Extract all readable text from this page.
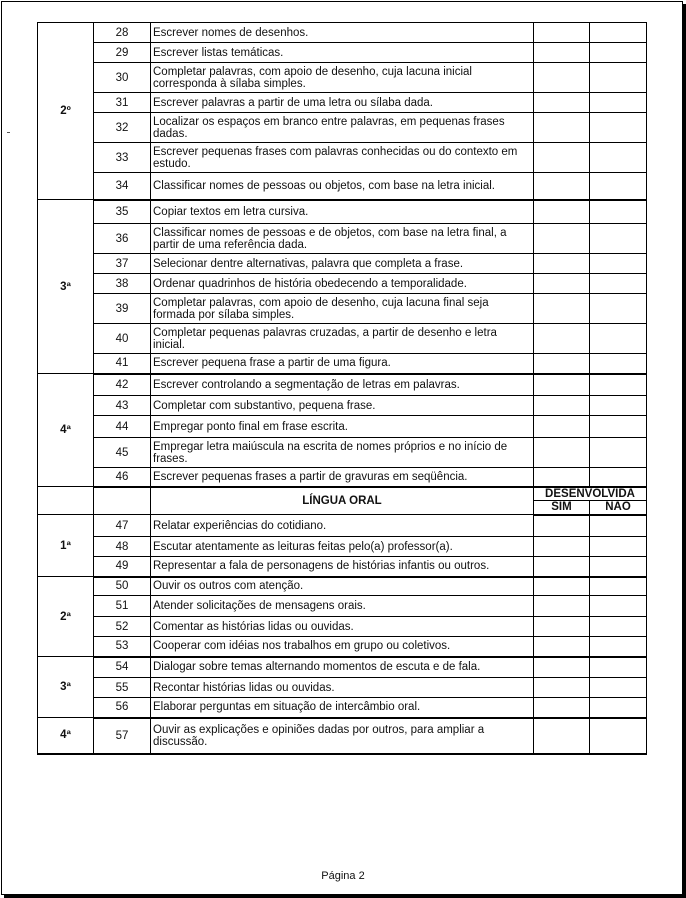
2º	28	Escrever nomes de desenhos.		
	29	Escrever listas temáticas.		
	30	Completar palavras, com apoio de desenho, cuja lacuna inicial corresponda à sílaba simples.		
	31	Escrever palavras a partir de uma letra ou sílaba dada.		
	32	Localizar os espaços em branco entre palavras, em pequenas frases dadas.		
	33	Escrever pequenas frases com palavras conhecidas ou do contexto em estudo.		
	34	Classificar nomes de pessoas ou objetos, com base na letra inicial.		
3ª	35	Copiar textos em letra cursiva.		
	36	Classificar nomes de pessoas e de objetos, com base na letra final, a partir de uma referência dada.		
	37	Selecionar dentre alternativas, palavra que completa a frase.		
	38	Ordenar quadrinhos de história obedecendo a temporalidade.		
	39	Completar palavras, com apoio de desenho, cuja lacuna final seja formada por sílaba simples.		
	40	Completar pequenas palavras cruzadas, a partir de desenho e letra inicial.		
	41	Escrever pequena frase a partir de uma figura.		
4ª	42	Escrever controlando a segmentação de letras em palavras.		
	43	Completar com substantivo, pequena frase.		
	44	Empregar ponto final em frase escrita.		
	45	Empregar letra maiúscula na escrita de nomes próprios e no início de frases.		
	46	Escrever pequenas frases a partir de gravuras em seqüência.		
		LÍNGUA ORAL	DESENVOLVIDA	
			SIM	NÃO
1ª	47	Relatar experiências do cotidiano.		
	48	Escutar atentamente as leituras feitas pelo(a) professor(a).		
	49	Representar a fala de personagens de histórias infantis ou outros.		
2ª	50	Ouvir os outros com atenção.		
	51	Atender solicitações de mensagens orais.		
	52	Comentar as histórias lidas ou ouvidas.		
	53	Cooperar com idéias nos trabalhos em grupo ou coletivos.		
3ª	54	Dialogar sobre temas alternando momentos de escuta e de fala.		
	55	Recontar histórias lidas ou ouvidas.		
	56	Elaborar perguntas em situação de intercâmbio oral.		
4ª	57	Ouvir as explicações e opiniões dadas por outros, para ampliar a discussão.		
Página 2
